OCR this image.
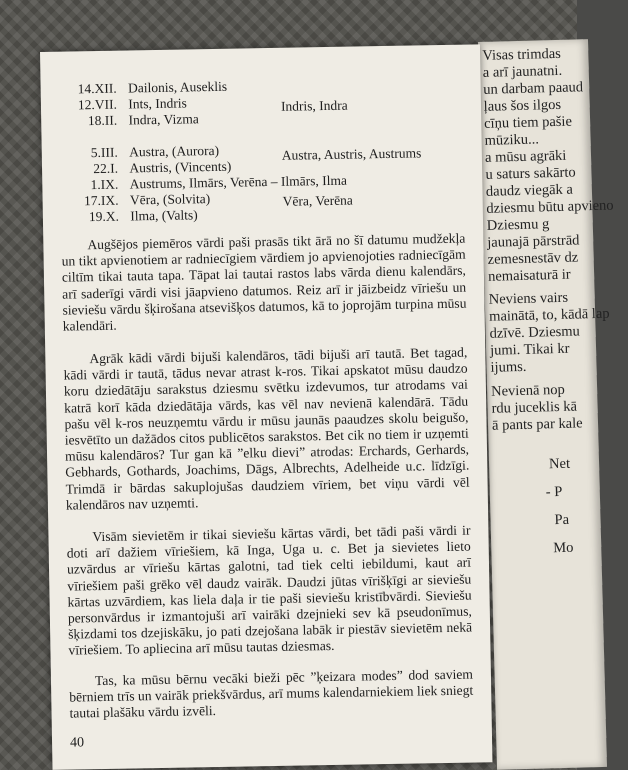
Visas trimdas
a arī jaunatni.
un darbam paaud
ļaus šos ilgos
cīņu tiem pašie
mūziku...
a mūsu agrāki
u saturs sakārto
daudz viegāk a
dziesmu būtu apvieno
Dziesmu g
jaunajā pārstrād
zemesnestāv dz
nemaisaturā ir
Neviens vairs
mainātā, to, kādā lap
dzīvē. Dziesmu
jumi. Tikai kr
ijums.
Nevienā nop
rdu juceklis kā
ā pants par kale
Net
- P
Pa
Mo
14.XII. Dailonis, Auseklis
12.VII. Ints, Indris
18.II. Indra, Vizma
Indris, Indra
5.III. Austra, (Aurora)
22.I. Austris, (Vincents)
1.IX. Austrums, Ilmārs, Verēna – Ilmārs, Ilma
17.IX. Vēra, (Solvita)
19.X. Ilma, (Valts)
Austra, Austris, Austrums
Vēra, Verēna
Augšējos piemēros vārdi paši prasās tikt ārā no šī datumu mudžekļa un tikt apvienotiem ar radniecīgiem vārdiem jo apvienojoties radniecīgām ciltīm tikai tauta tapa. Tāpat lai tautai rastos labs vārda dienu kalendārs, arī saderīgi vārdi visi jāapvieno datumos. Reiz arī ir jāizbeidz vīriešu un sieviešu vārdu šķirošana atsevišķos datumos, kā to joprojām turpina mūsu kalendāri.
Agrāk kādi vārdi bijuši kalendāros, tādi bijuši arī tautā. Bet tagad, kādi vārdi ir tautā, tādus nevar atrast k-ros. Tikai apskatot mūsu daudzo koru dziedātāju sarakstus dziesmu svētku izdevumos, tur atrodams vai katrā korī kāda dziedātāja vārds, kas vēl nav nevienā kalendārā. Tādu pašu vēl k-ros neuzņemtu vārdu ir mūsu jaunās paaudzes skolu beigušo, iesvētīto un dažādos citos publicētos sarakstos. Bet cik no tiem ir uzņemti mūsu kalendāros? Tur gan kā ”elku dievi” atrodas: Erchards, Gerhards, Gebhards, Gothards, Joachims, Dāgs, Albrechts, Adelheide u.c. līdzīgi. Trimdā ir bārdas sakuplojušas daudziem vīriem, bet viņu vārdi vēl kalendāros nav uzņemti.
Visām sievietēm ir tikai sieviešu kārtas vārdi, bet tādi paši vārdi ir doti arī dažiem vīriešiem, kā Inga, Uga u. c. Bet ja sievietes lieto uzvārdus ar vīriešu kārtas galotni, tad tiek celti iebildumi, kaut arī vīriešiem paši grēko vēl daudz vairāk. Daudzi jūtas vīrišķīgi ar sieviešu kārtas uzvārdiem, kas liela daļa ir tie paši sieviešu kristībvārdi. Sieviešu personvārdus ir izmantojuši arī vairāki dzejnieki sev kā pseudonīmus, šķizdami tos dzejiskāku, jo pati dzejošana labāk ir piestāv sievietēm nekā vīriešiem. To apliecina arī mūsu tautas dziesmas.
Tas, ka mūsu bērnu vecāki bieži pēc ”ķeizara modes” dod saviem bērniem trīs un vairāk priekšvārdus, arī mums kalendarniekiem liek sniegt tautai plašāku vārdu izvēli.
40
